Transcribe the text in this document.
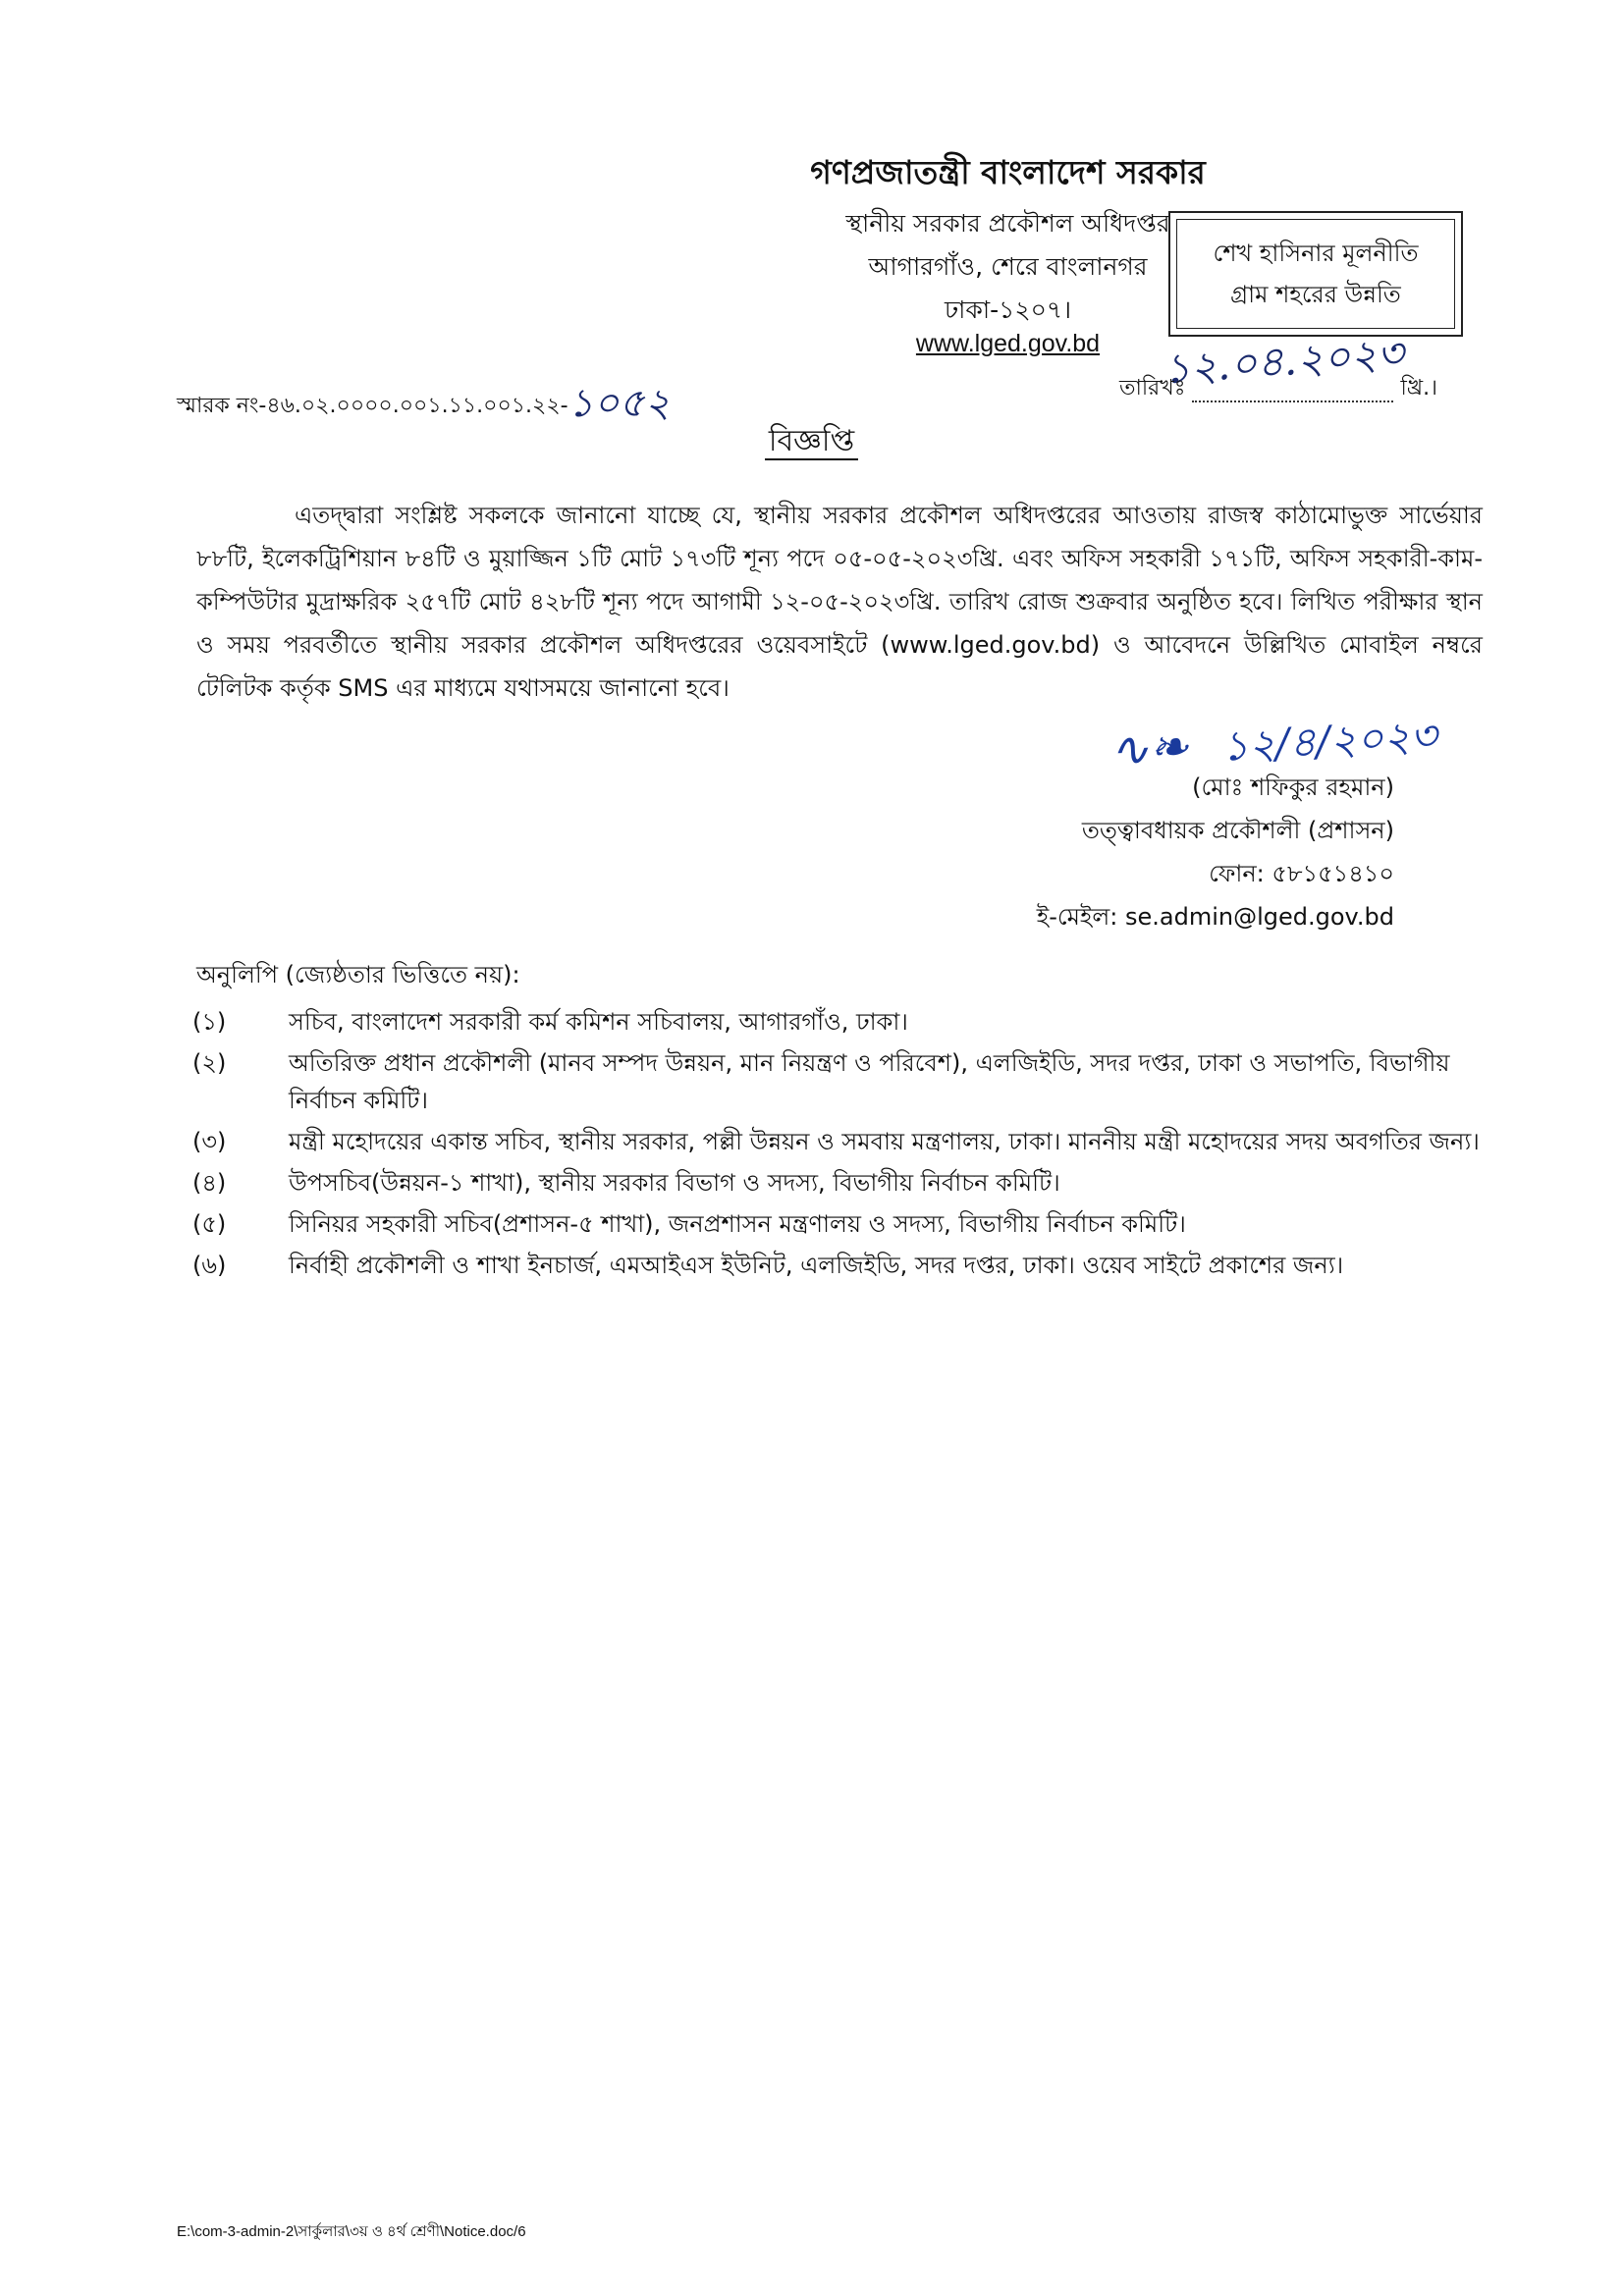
গণপ্রজাতন্ত্রী বাংলাদেশ সরকার
স্থানীয় সরকার প্রকৌশল অধিদপ্তর
আগারগাঁও, শেরে বাংলানগর
ঢাকা-১২০৭।
www.lged.gov.bd
শেখ হাসিনার মূলনীতি
গ্রাম শহরের উন্নতি
স্মারক নং-৪৬.০২.০০০০.০০১.১১.০০১.২২-১০৫২
১২.০৪.২০২৩
তারিখঃ	খ্রি.।
বিজ্ঞপ্তি
এতদ্দ্বারা সংশ্লিষ্ট সকলকে জানানো যাচ্ছে যে, স্থানীয় সরকার প্রকৌশল অধিদপ্তরের আওতায় রাজস্ব কাঠামোভুক্ত সার্ভেয়ার ৮৮টি, ইলেকট্রিশিয়ান ৮৪টি ও মুয়াজ্জিন ১টি মোট ১৭৩টি শূন্য পদে ০৫-০৫-২০২৩খ্রি. এবং অফিস সহকারী ১৭১টি, অফিস সহকারী-কাম-কম্পিউটার মুদ্রাক্ষরিক ২৫৭টি মোট ৪২৮টি শূন্য পদে আগামী ১২-০৫-২০২৩খ্রি. তারিখ রোজ শুক্রবার অনুষ্ঠিত হবে। লিখিত পরীক্ষার স্থান ও সময় পরবর্তীতে স্থানীয় সরকার প্রকৌশল অধিদপ্তরের ওয়েবসাইটে (www.lged.gov.bd) ও আবেদনে উল্লিখিত মোবাইল নম্বরে টেলিটক কর্তৃক SMS এর মাধ্যমে যথাসময়ে জানানো হবে।
∿❧ ১২/৪/২০২৩
(মোঃ শফিকুর রহমান)
তত্ত্বাবধায়ক প্রকৌশলী (প্রশাসন)
ফোন: ৫৮১৫১৪১০
ই-মেইল: se.admin@lged.gov.bd
অনুলিপি (জ্যেষ্ঠতার ভিত্তিতে নয়):
(১)	সচিব, বাংলাদেশ সরকারী কর্ম কমিশন সচিবালয়, আগারগাঁও, ঢাকা।
(২)	অতিরিক্ত প্রধান প্রকৌশলী (মানব সম্পদ উন্নয়ন, মান নিয়ন্ত্রণ ও পরিবেশ), এলজিইডি, সদর দপ্তর, ঢাকা ও সভাপতি, বিভাগীয় নির্বাচন কমিটি।
(৩)	মন্ত্রী মহোদয়ের একান্ত সচিব, স্থানীয় সরকার, পল্লী উন্নয়ন ও সমবায় মন্ত্রণালয়, ঢাকা। মাননীয় মন্ত্রী মহোদয়ের সদয় অবগতির জন্য।
(৪)	উপসচিব(উন্নয়ন-১ শাখা), স্থানীয় সরকার বিভাগ ও সদস্য, বিভাগীয় নির্বাচন কমিটি।
(৫)	সিনিয়র সহকারী সচিব(প্রশাসন-৫ শাখা), জনপ্রশাসন মন্ত্রণালয় ও সদস্য, বিভাগীয় নির্বাচন কমিটি।
(৬)	নির্বাহী প্রকৌশলী ও শাখা ইনচার্জ, এমআইএস ইউনিট, এলজিইডি, সদর দপ্তর, ঢাকা। ওয়েব সাইটে প্রকাশের জন্য।
E:\com-3-admin-2\সার্কুলার\৩য় ও ৪র্থ শ্রেণী\Notice.doc/6
